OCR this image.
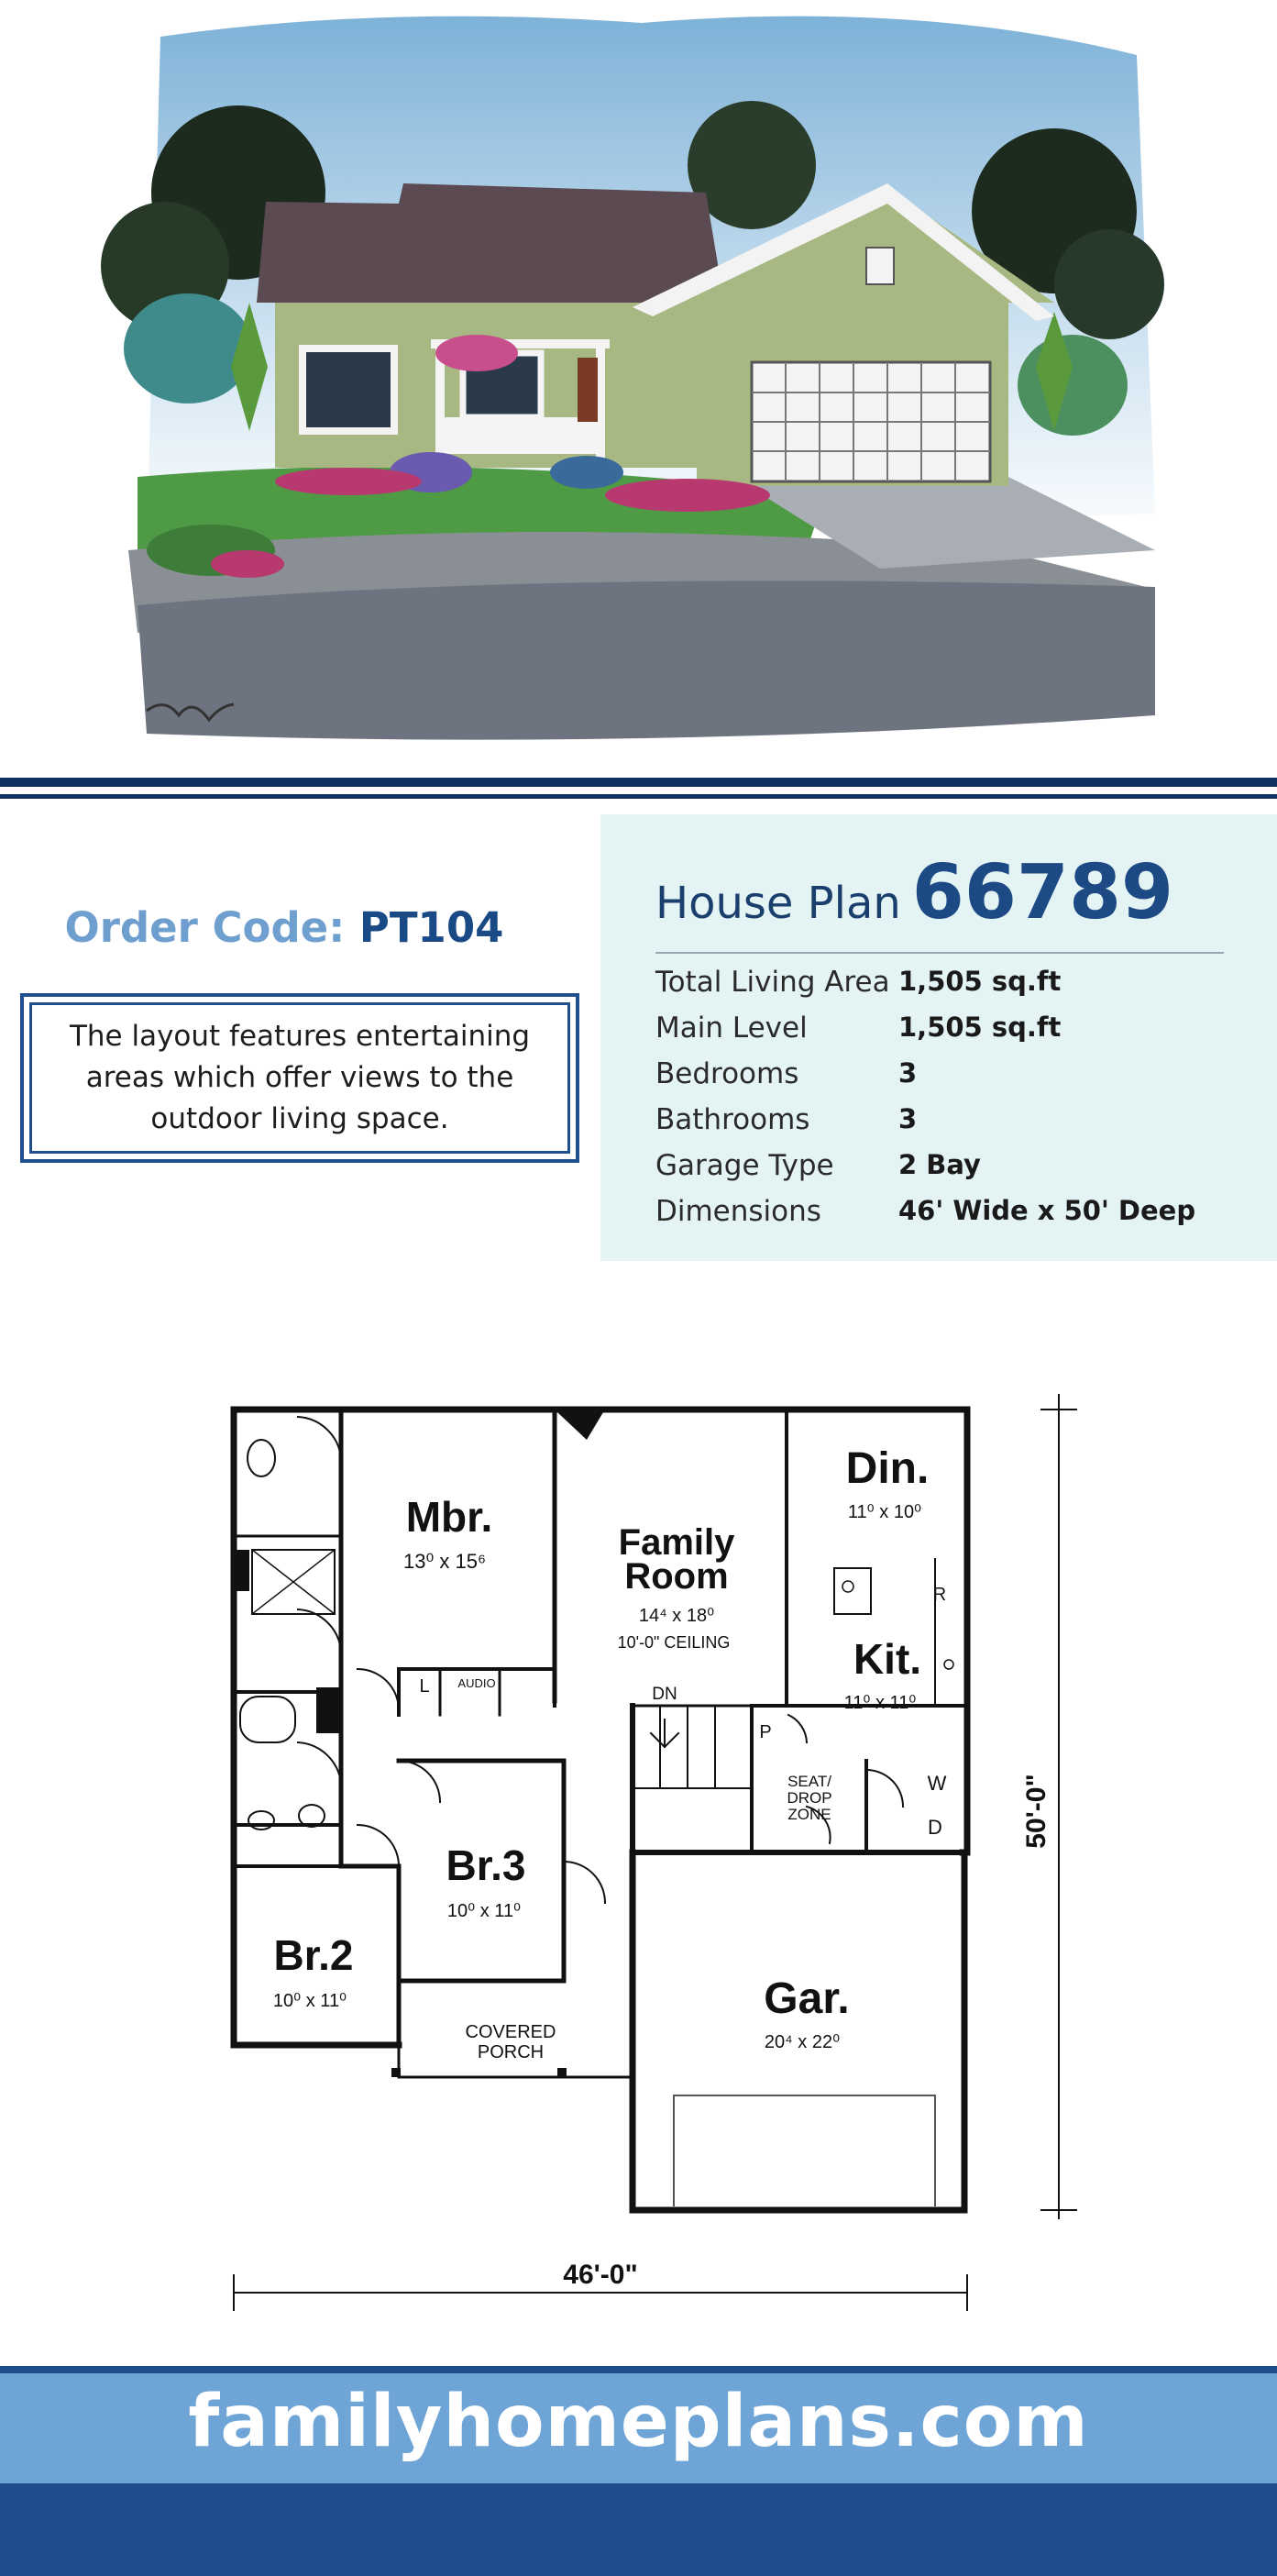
Order Code: PT104
The layout features entertaining areas which offer views to the outdoor living space.
House Plan 66789
Total Living Area 1,505 sq.ft
Main Level	1,505 sq.ft
Bedrooms	3
Bathrooms	3
Garage Type 2 Bay
Dimensions	46' Wide x 50' Deep
Mbr.
13⁰ x 15⁶	Family
Room
14⁴ x 18⁰
10'-0" CEILING
Din.
11⁰ x 10⁰
Kit.
11⁰ x 11⁰
Br.3
10⁰ x 11⁰
Br.2
10⁰ x 11⁰	Gar.
20⁴ x 22⁰
COVERED
PORCH
SEAT/
DROP
ZONE
L AUDIO
DN
P
W
D
R
46'-0"
50'-0"
familyhomeplans.com
